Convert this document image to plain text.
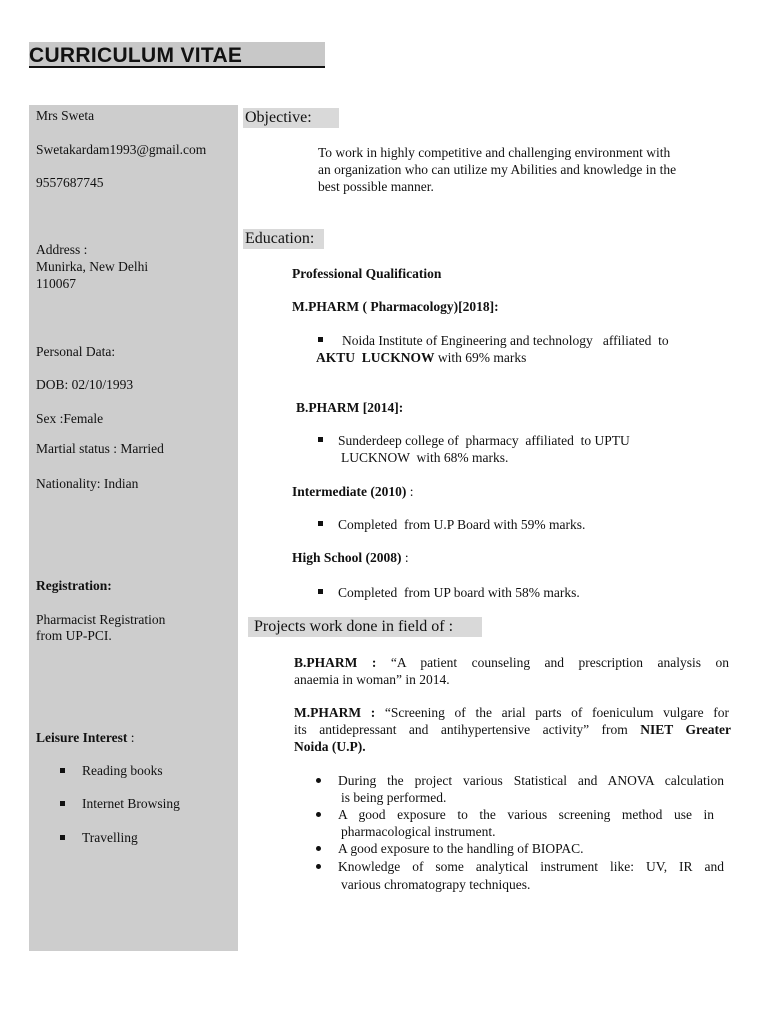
CURRICULUM VITAE
Mrs Sweta
Swetakardam1993@gmail.com
9557687745
Address :
Munirka, New Delhi
110067
Personal Data:
DOB: 02/10/1993
Sex :Female
Martial status : Married
Nationality: Indian
Registration:
Pharmacist Registration
from UP-PCI.
Leisure Interest :
Reading books
Internet Browsing
Travelling
Objective:
To work in highly competitive and challenging environment with
an organization who can utilize my Abilities and knowledge in the
best possible manner.
Education:
Professional Qualification
M.PHARM ( Pharmacology)[2018]:
Noida Institute of Engineering and technology   affiliated  to
AKTU  LUCKNOW with 69% marks
B.PHARM [2014]:
Sunderdeep college of  pharmacy  affiliated  to UPTU
LUCKNOW  with 68% marks.
Intermediate (2010) :
Completed  from U.P Board with 59% marks.
High School (2008) :
Completed  from UP board with 58% marks.
Projects work done in field of :
B.PHARM : “A patient counseling and prescription analysis on
anaemia in woman” in 2014.
M.PHARM : “Screening of the arial parts of foeniculum vulgare for
its antidepressant and antihypertensive activity” from NIET Greater
Noida (U.P).
During the project various Statistical and ANOVA calculation
is being performed.
A good exposure to the various screening method use in
pharmacological instrument.
A good exposure to the handling of BIOPAC.
Knowledge of some analytical instrument like: UV, IR and
various chromatograpy techniques.
